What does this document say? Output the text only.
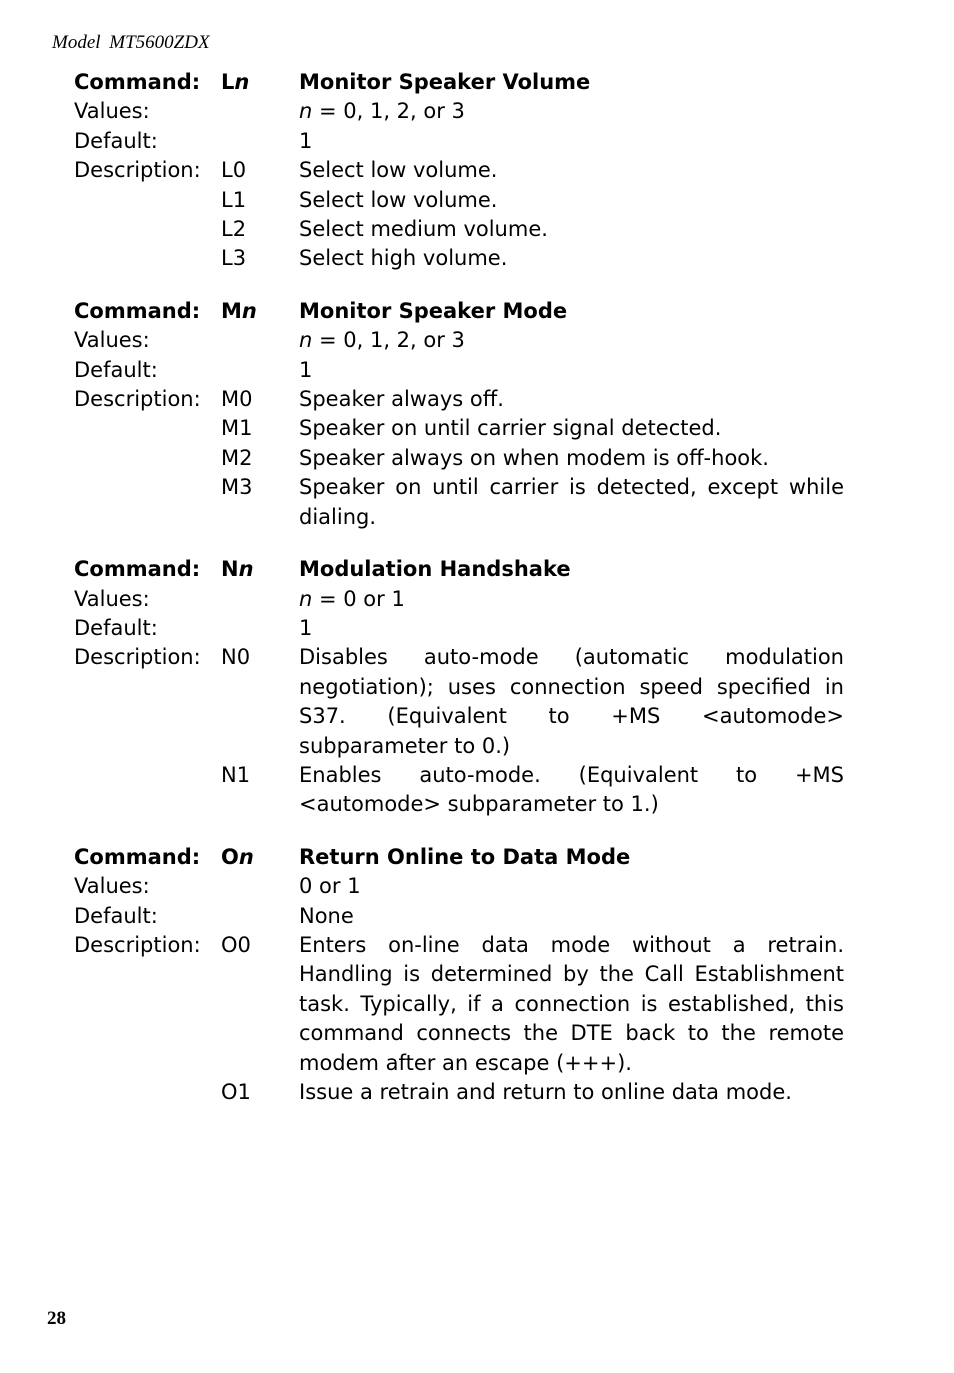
Model MT5600ZDX
Command: Ln	Monitor Speaker Volume
Values:	n = 0, 1, 2, or 3
Default:	1
Description: L0	Select low volume.
L1	Select low volume.
L2	Select medium volume.
L3	Select high volume.
Command: Mn	Monitor Speaker Mode
Values:	n = 0, 1, 2, or 3
Default:	1
Description: M0	Speaker always off.
M1	Speaker on until carrier signal detected.
M2	Speaker always on when modem is off-hook.
M3	Speaker on until carrier is detected, except while dialing.
Command: Nn	Modulation Handshake
Values:	n = 0 or 1
Default:	1
Description: N0	Disables auto-mode (automatic modulation negotiation); uses connection speed specified in S37. (Equivalent to +MS <automode> subparameter to 0.)
N1	Enables auto-mode. (Equivalent to +MS <automode> subparameter to 1.)
Command: On	Return Online to Data Mode
Values:	0 or 1
Default:	None
Description: O0	Enters on-line data mode without a retrain. Handling is determined by the Call Establishment task. Typically, if a connection is established, this command connects the DTE back to the remote modem after an escape (+++).
O1	Issue a retrain and return to online data mode.
28
